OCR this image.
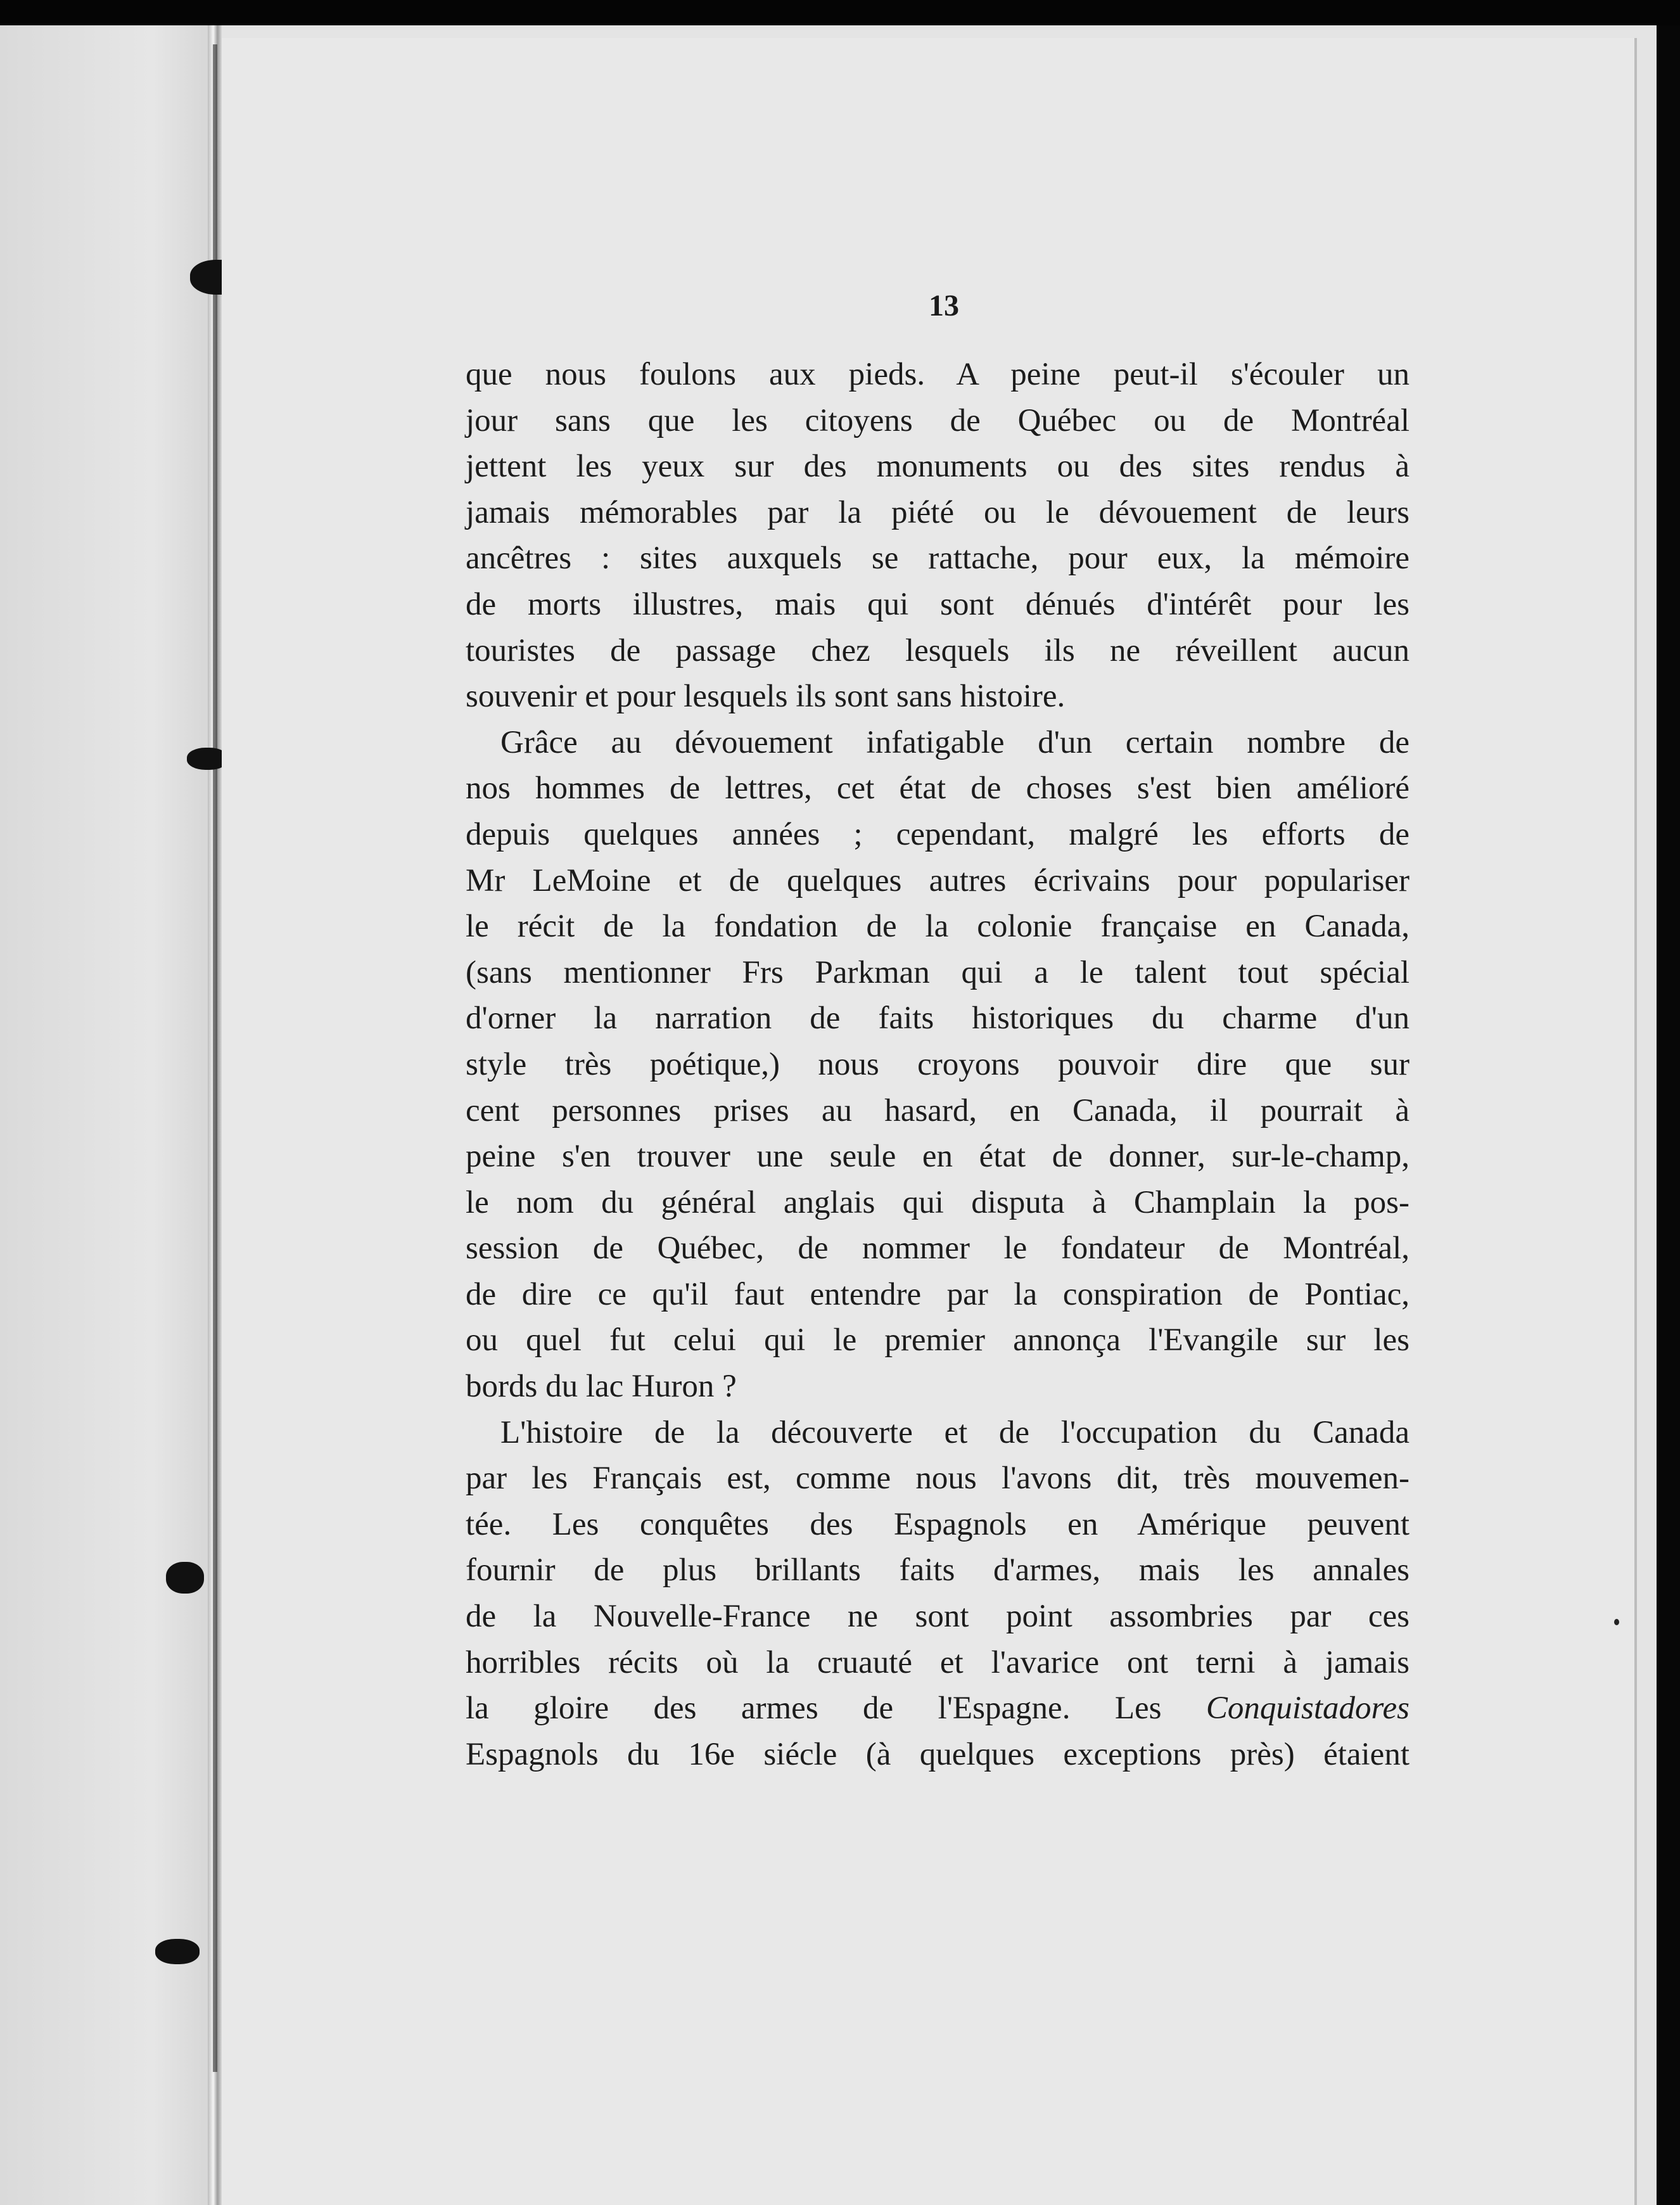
13
que nous foulons aux pieds. A peine peut-il s'écouler un
jour sans que les citoyens de Québec ou de Montréal
jettent les yeux sur des monuments ou des sites rendus à
jamais mémorables par la piété ou le dévouement de leurs
ancêtres : sites auxquels se rattache, pour eux, la mémoire
de morts illustres, mais qui sont dénués d'intérêt pour les
touristes de passage chez lesquels ils ne réveillent aucun
souvenir et pour lesquels ils sont sans histoire.
Grâce au dévouement infatigable d'un certain nombre de
nos hommes de lettres, cet état de choses s'est bien amélioré
depuis quelques années ; cependant, malgré les efforts de
Mr LeMoine et de quelques autres écrivains pour populariser
le récit de la fondation de la colonie française en Canada,
(sans mentionner Frs Parkman qui a le talent tout spécial
d'orner la narration de faits historiques du charme d'un
style très poétique,) nous croyons pouvoir dire que sur
cent personnes prises au hasard, en Canada, il pourrait à
peine s'en trouver une seule en état de donner, sur-le-champ,
le nom du général anglais qui disputa à Champlain la pos-
session de Québec, de nommer le fondateur de Montréal,
de dire ce qu'il faut entendre par la conspiration de Pontiac,
ou quel fut celui qui le premier annonça l'Evangile sur les
bords du lac Huron ?
L'histoire de la découverte et de l'occupation du Canada
par les Français est, comme nous l'avons dit, très mouvemen-
tée. Les conquêtes des Espagnols en Amérique peuvent
fournir de plus brillants faits d'armes, mais les annales
de la Nouvelle-France ne sont point assombries par ces
horribles récits où la cruauté et l'avarice ont terni à jamais
la gloire des armes de l'Espagne. Les Conquistadores
Espagnols du 16e siécle (à quelques exceptions près) étaient
